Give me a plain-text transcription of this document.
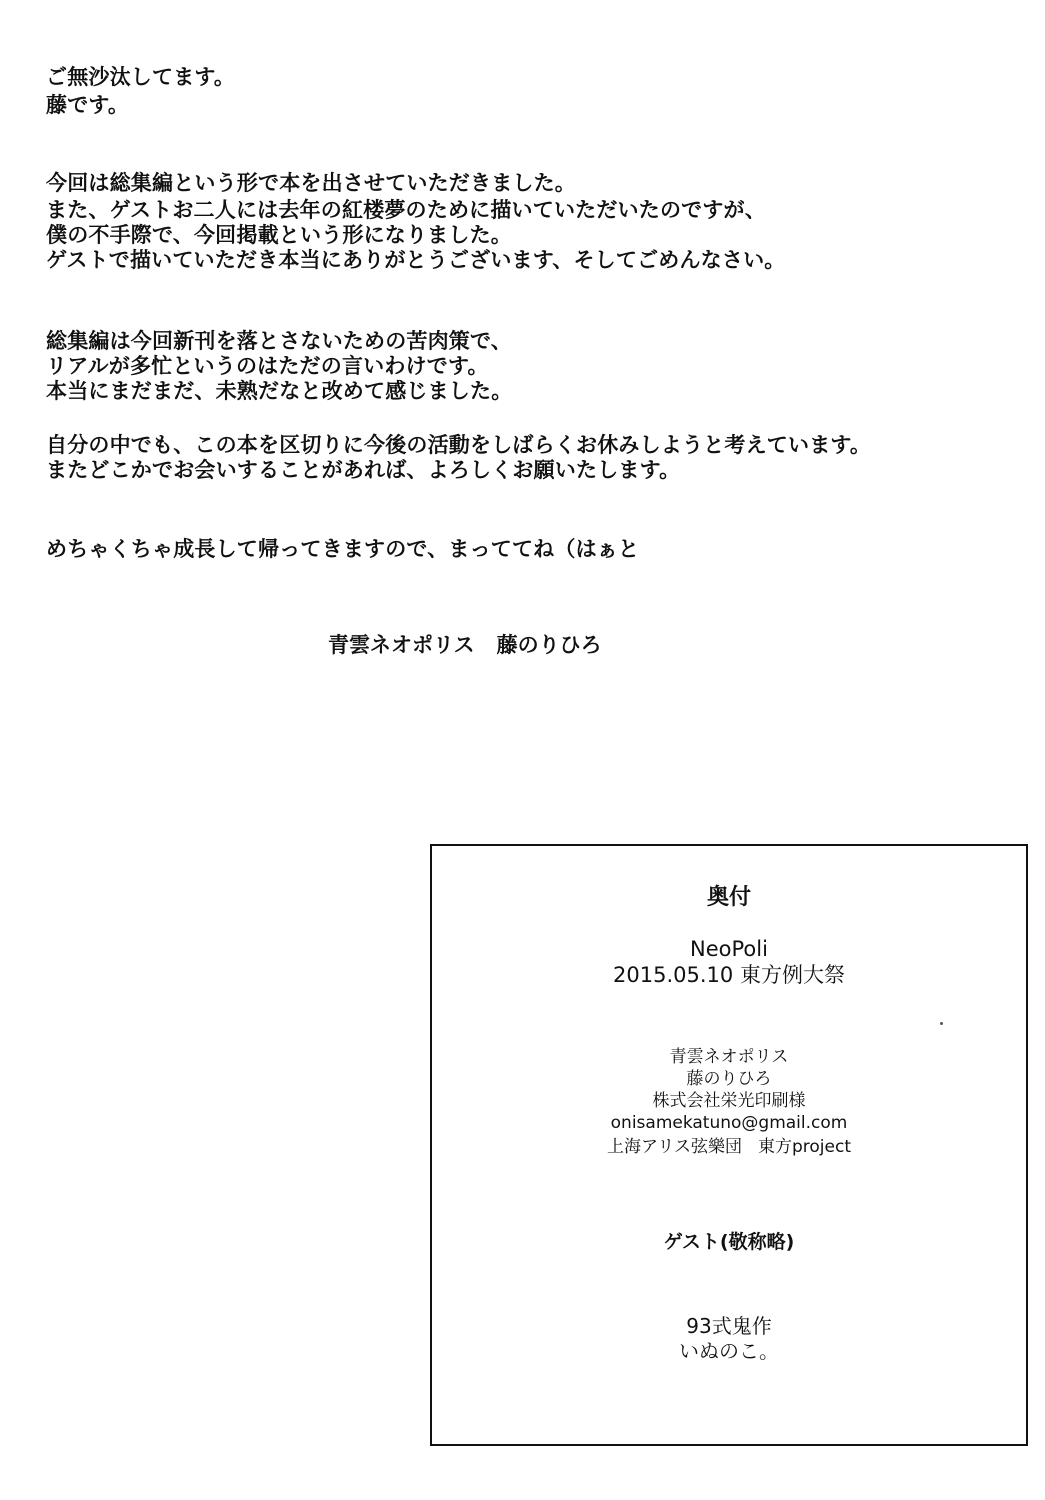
ご無沙汰してます。
藤です。
今回は総集編という形で本を出させていただきました。
また、ゲストお二人には去年の紅楼夢のために描いていただいたのですが、
僕の不手際で、今回掲載という形になりました。
ゲストで描いていただき本当にありがとうございます、そしてごめんなさい。
総集編は今回新刊を落とさないための苦肉策で、
リアルが多忙というのはただの言いわけです。
本当にまだまだ、未熟だなと改めて感じました。
自分の中でも、この本を区切りに今後の活動をしばらくお休みしようと考えています。
またどこかでお会いすることがあれば、よろしくお願いたします。
めちゃくちゃ成長して帰ってきますので、まっててね（はぁと
青雲ネオポリス 藤のりひろ
奥付
NeoPoli
2015.05.10 東方例大祭
青雲ネオポリス
藤のりひろ
株式会社栄光印刷様
onisamekatuno@gmail.com
上海アリス弦樂団 東方project
ゲスト(敬称略)
93式鬼作
いぬのこ。
